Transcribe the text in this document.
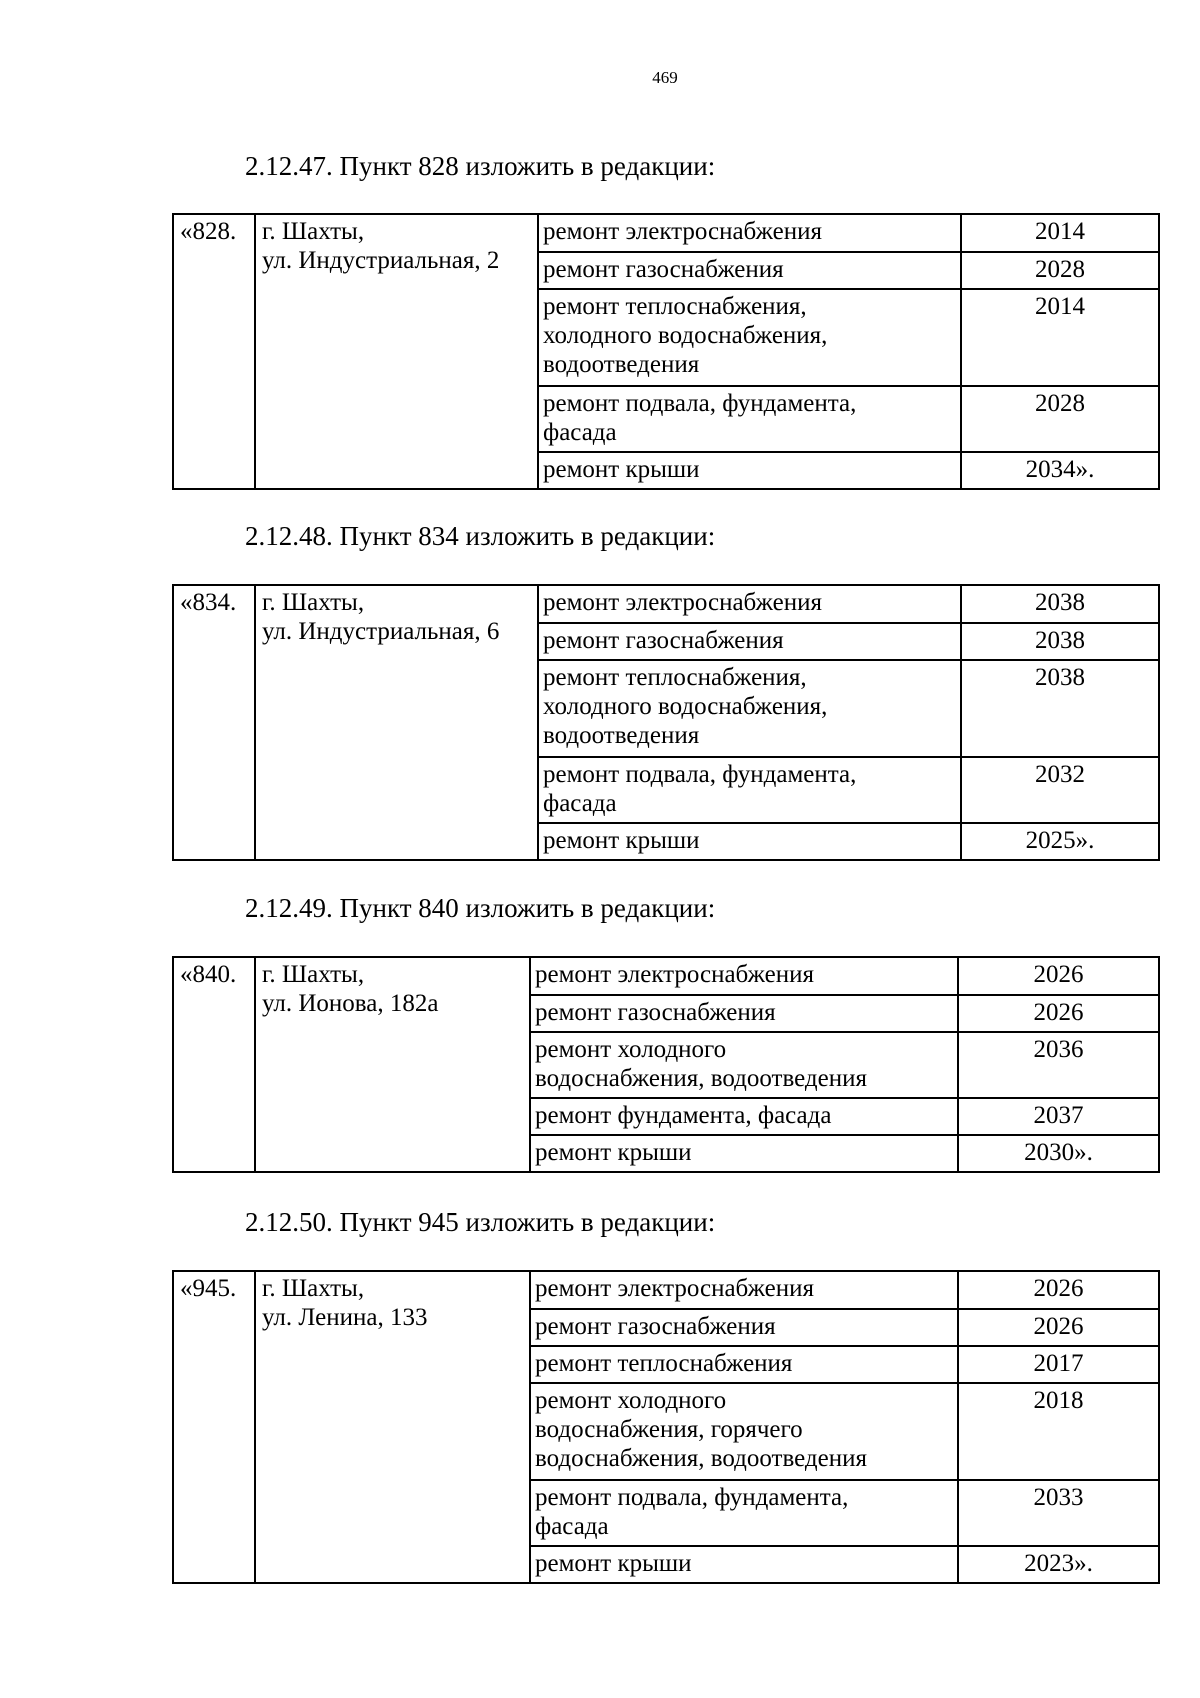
469
2.12.47. Пункт 828 изложить в редакции:
«828.	г. Шахты,
ул. Индустриальная, 2	ремонт электроснабжения	2014

		ремонт газоснабжения	2028

		ремонт теплоснабжения,
холодного водоснабжения,
водоотведения	2014

		ремонт подвала, фундамента,
фасада	2028

		ремонт крыши	2034».
2.12.48. Пункт 834 изложить в редакции:
«834.	г. Шахты,
ул. Индустриальная, 6	ремонт электроснабжения	2038

		ремонт газоснабжения	2038

		ремонт теплоснабжения,
холодного водоснабжения,
водоотведения	2038

		ремонт подвала, фундамента,
фасада	2032

		ремонт крыши	2025».
2.12.49. Пункт 840 изложить в редакции:
«840.	г. Шахты,
ул. Ионова, 182а	ремонт электроснабжения	2026

		ремонт газоснабжения	2026

		ремонт холодного
водоснабжения, водоотведения	2036

		ремонт фундамента, фасада	2037

		ремонт крыши	2030».
2.12.50. Пункт 945 изложить в редакции:
«945.	г. Шахты,
ул. Ленина, 133	ремонт электроснабжения	2026

		ремонт газоснабжения	2026

		ремонт теплоснабжения	2017

		ремонт холодного
водоснабжения, горячего
водоснабжения, водоотведения	2018

		ремонт подвала, фундамента,
фасада	2033

		ремонт крыши	2023».
